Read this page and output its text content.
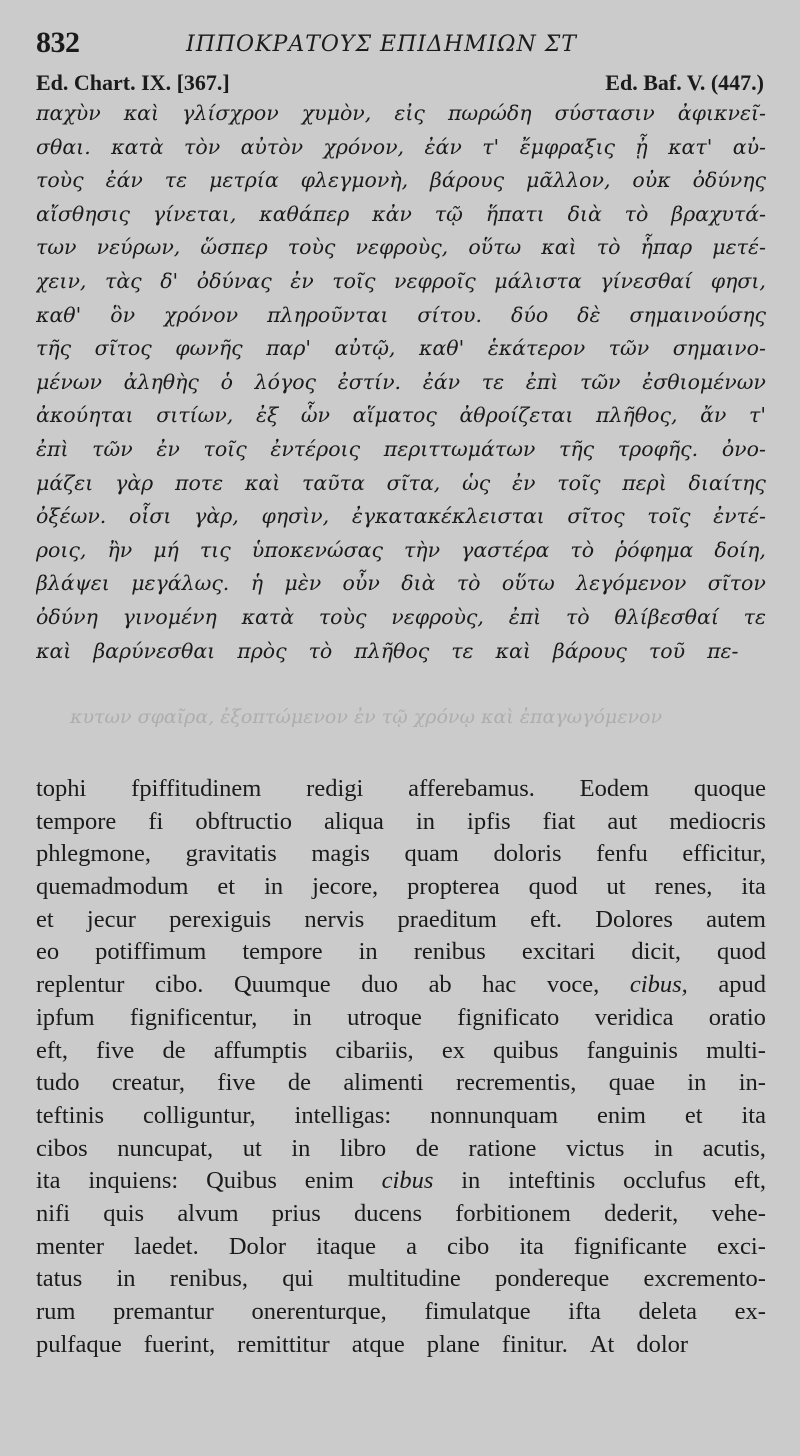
832	ΙΠΠΟΚΡΑΤΟΥΣ ΕΠΙΔΗΜΙΩΝ ΣΤ
Ed. Chart. IX. [367.]	Ed. Baf. V. (447.)
παχὺν καὶ γλίσχρον χυμὸν, εἰς πωρώδη σύστασιν ἀφικνεῖ-
σθαι. κατὰ τὸν αὐτὸν χρόνον, ἐάν τ' ἔμφραξις ᾖ κατ' αὐ-
τοὺς ἐάν τε μετρία φλεγμονὴ, βάρους μᾶλλον, οὐκ ὀδύνης
αἴσθησις γίνεται, καθάπερ κἀν τῷ ἥπατι διὰ τὸ βραχυτά-
των νεύρων, ὥσπερ τοὺς νεφροὺς, οὕτω καὶ τὸ ἧπαρ μετέ-
χειν, τὰς δ' ὀδύνας ἐν τοῖς νεφροῖς μάλιστα γίνεσθαί φησι,
καθ' ὃν χρόνον πληροῦνται σίτου. δύο δὲ σημαινούσης
τῆς σῖτος φωνῆς παρ' αὐτῷ, καθ' ἑκάτερον τῶν σημαινο-
μένων ἀληθὴς ὁ λόγος ἐστίν. ἐάν τε ἐπὶ τῶν ἐσθιομένων
ἀκούηται σιτίων, ἐξ ὧν αἵματος ἀθροίζεται πλῆθος, ἄν τ'
ἐπὶ τῶν ἐν τοῖς ἐντέροις περιττωμάτων τῆς τροφῆς. ὀνο-
μάζει γὰρ ποτε καὶ ταῦτα σῖτα, ὡς ἐν τοῖς περὶ διαίτης
ὀξέων. οἷσι γὰρ, φησὶν, ἐγκατακέκλεισται σῖτος τοῖς ἐντέ-
ροις, ἢν μή τις ὑποκενώσας τὴν γαστέρα τὸ ῥόφημα δοίη,
βλάψει μεγάλως. ἡ μὲν οὖν διὰ τὸ οὕτω λεγόμενον σῖτον
ὀδύνη γινομένη κατὰ τοὺς νεφροὺς, ἐπὶ τὸ θλίβεσθαί τε
καὶ βαρύνεσθαι πρὸς τὸ πλῆθος τε καὶ βάρους τοῦ πε-
κυτων σφαῖρα, ἐξοπτώμενον ἐν τῷ χρόνῳ καὶ ἐπαγωγόμενον
tophi fpiffitudinem redigi afferebamus. Eodem quoque
tempore fi obftructio aliqua in ipfis fiat aut mediocris
phlegmone, gravitatis magis quam doloris fenfu efficitur,
quemadmodum et in jecore, propterea quod ut renes, ita
et jecur perexiguis nervis praeditum eft. Dolores autem
eo potiffimum tempore in renibus excitari dicit, quod
replentur cibo. Quumque duo ab hac voce, cibus, apud
ipfum fignificentur, in utroque fignificato veridica oratio
eft, five de affumptis cibariis, ex quibus fanguinis multi-
tudo creatur, five de alimenti recrementis, quae in in-
teftinis colliguntur, intelligas: nonnunquam enim et ita
cibos nuncupat, ut in libro de ratione victus in acutis,
ita inquiens: Quibus enim cibus in inteftinis occlufus eft,
nifi quis alvum prius ducens forbitionem dederit, vehe-
menter laedet. Dolor itaque a cibo ita fignificante exci-
tatus in renibus, qui multitudine pondereque excremento-
rum premantur onerenturque, fimulatque ifta deleta ex-
pulfaque fuerint, remittitur atque plane finitur. At dolor
